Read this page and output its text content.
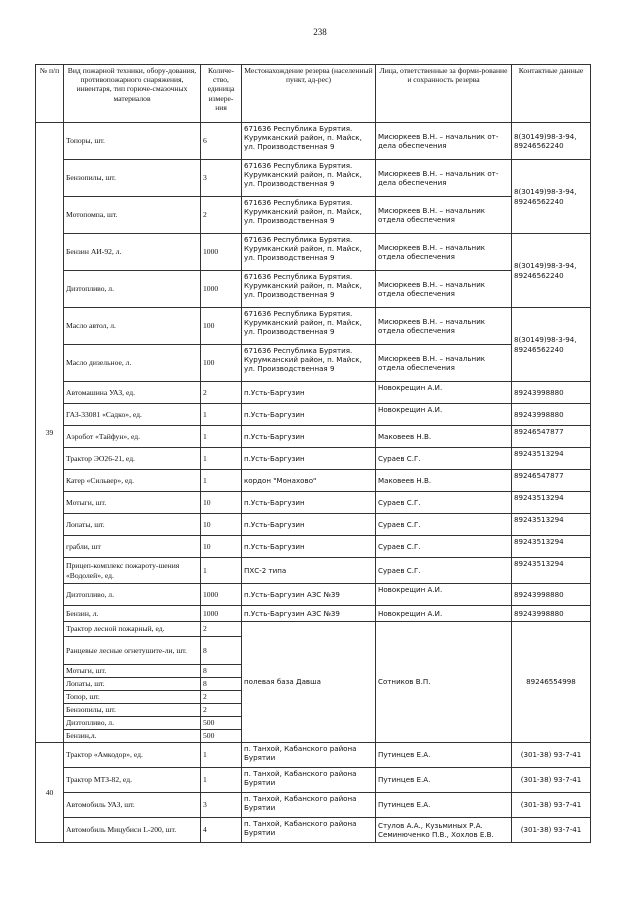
238
№ п/п	Вид пожарной техники, обору-дования, противопожарного снаряжения, инвентаря, тип горюче-смазочных материалов	Количе-ство, единица измере-ния	Местонахождение резерва (населенный пункт, ад-рес)	Лица, ответственные за форми-рование и сохранность резерва	Контактные данные
39	Топоры, шт.	6	671636 Республика Бурятия. Курумканский район, п. Майск, ул. Производственная 9	Мисюркеев В.Н. – начальник от-дела обеспечения	8(30149)98-3-94, 89246562240
	Бензопилы, шт.	3	671636 Республика Бурятия. Курумканский район, п. Майск, ул. Производственная 9	Мисюркеев В.Н. – начальник от-дела обеспечения	8(30149)98-3-94, 89246562240
	Мотопомпа, шт.	2	671636 Республика Бурятия. Курумканский район, п. Майск, ул. Производственная 9	Мисюркеев В.Н. – начальник отдела обеспечения	
	Бензин АИ-92, л.	1000	671636 Республика Бурятия. Курумканский район, п. Майск, ул. Производственная 9	Мисюркеев В.Н. – начальник отдела обеспечения	8(30149)98-3-94, 89246562240
	Дизтопливо, л.	1000	671636 Республика Бурятия. Курумканский район, п. Майск, ул. Производственная 9	Мисюркеев В.Н. – начальник отдела обеспечения	
	Масло автол, л.	100	671636 Республика Бурятия. Курумканский район, п. Майск, ул. Производственная 9	Мисюркеев В.Н. – начальник отдела обеспечения	8(30149)98-3-94, 89246562240
	Масло дизельное, л.	100	671636 Республика Бурятия. Курумканский район, п. Майск, ул. Производственная 9	Мисюркеев В.Н. – начальник отдела обеспечения	
	Автомашина УАЗ, ед.	2	п.Усть-Баргузин	Новокрещин А.И.	89243998880
	ГАЗ-33081 «Садко», ед.	1	п.Усть-Баргузин	Новокрещин А.И.	89243998880
	Аэробот «Тайфун», ед.	1	п.Усть-Баргузин	Маковеев Н.В.	89246547877
	Трактор ЭО26-21, ед.	1	п.Усть-Баргузин	Сураев С.Г.	89243513294
	Катер «Сильвер», ед.	1	кордон "Монахово"	Маковеев Н.В.	89246547877
	Мотыги, шт.	10	п.Усть-Баргузин	Сураев С.Г.	89243513294
	Лопаты, шт.	10	п.Усть-Баргузин	Сураев С.Г.	89243513294
	грабли, шт	10	п.Усть-Баргузин	Сураев С.Г.	89243513294
	Прицеп-комплекс пожароту-шения «Водолей», ед.	1	ПХС-2 типа	Сураев С.Г.	89243513294
	Дизтопливо, л.	1000	п.Усть-Баргузин АЗС №39	Новокрещин А.И.	89243998880
	Бензин, л.	1000	п.Усть-Баргузин АЗС №39	Новокрещин А.И.	89243998880
	Трактор лесной пожарный, ед.	2	полевая база Давша	Сотников В.П.	89246554998
	Ранцевые лесные огнетушите-ли, шт.	8			
	Мотыги, шт.	8			
	Лопаты, шт.	8			
	Топор, шт.	2			
	Бензопилы, шт.	2			
	Дизтопливо, л.	500			
	Бензин,л.	500			
40	Трактор «Амкодор», ед.	1	п. Танхой, Кабанского района Бурятии	Путинцев Е.А.	(301-38) 93-7-41
	Трактор МТЗ-82, ед.	1	п. Танхой, Кабанского района Бурятии	Путинцев Е.А.	(301-38) 93-7-41
	Автомобиль УАЗ, шт.	3	п. Танхой, Кабанского района Бурятии	Путинцев Е.А.	(301-38) 93-7-41
	Автомобиль Мицубиси L-200, шт.	4	п. Танхой, Кабанского района Бурятии	Стулов А.А., Кузьминых Р.А. Семинюченко П.В., Хохлов Е.В.	(301-38) 93-7-41
